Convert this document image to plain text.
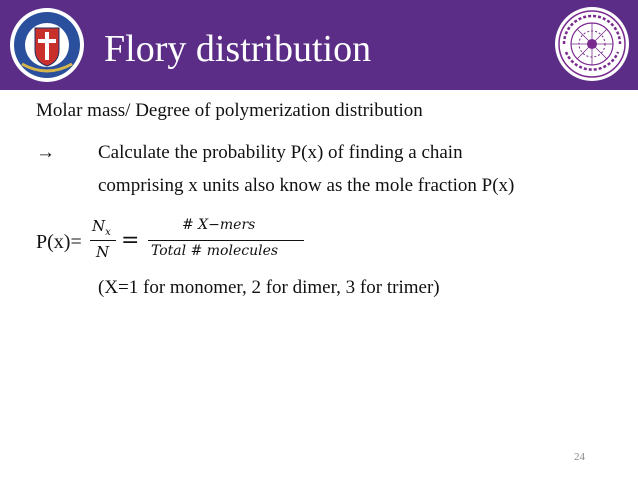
Flory distribution
Molar mass/ Degree of polymerization distribution
→ Calculate the probability P(x) of finding a chain
comprising x units also know as the mole fraction P(x)
P(x)=
$N_x$
N =
# X−mers
Total # molecules
(X=1 for monomer, 2 for dimer, 3 for trimer)
24
